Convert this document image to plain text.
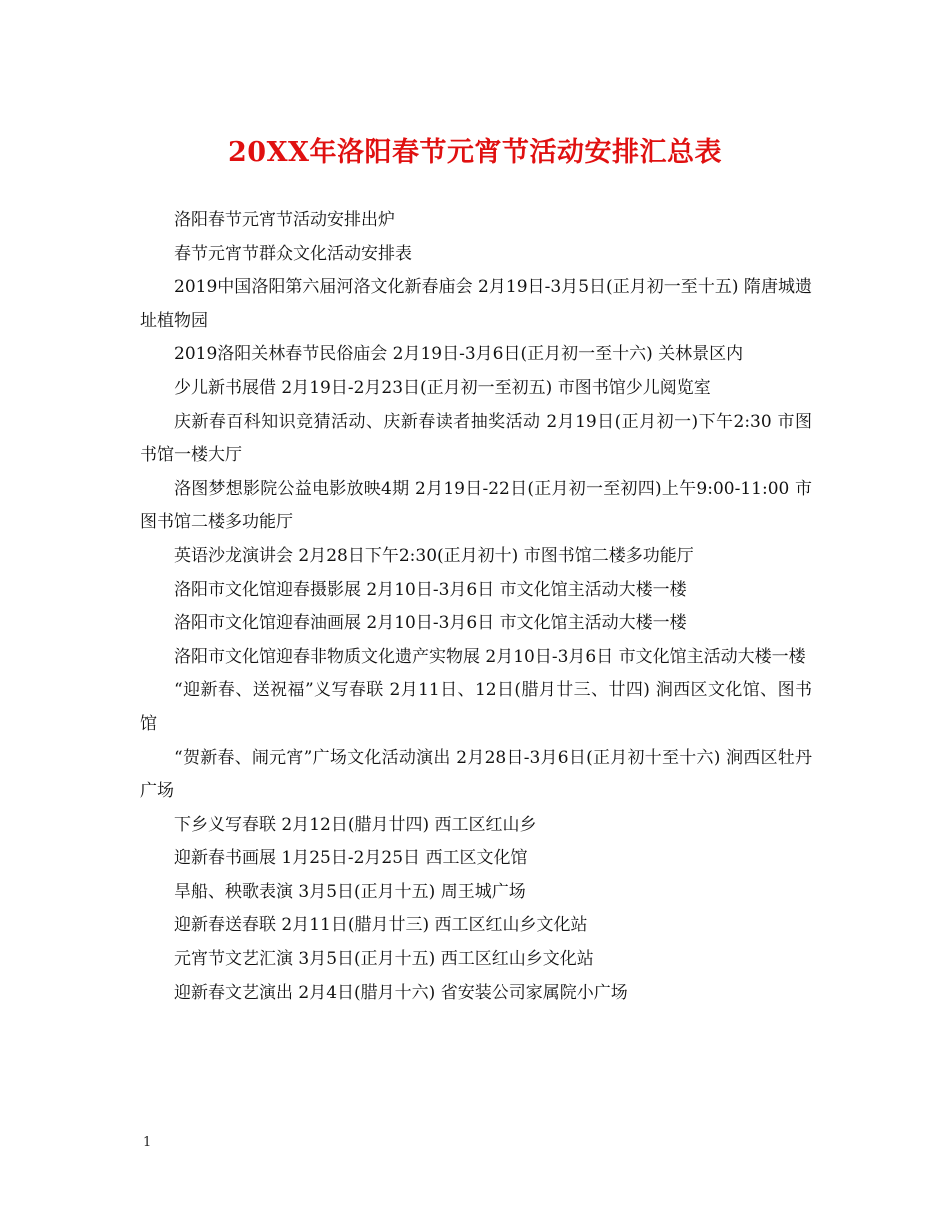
20XX年洛阳春节元宵节活动安排汇总表

洛阳春节元宵节活动安排出炉

春节元宵节群众文化活动安排表

2019中国洛阳第六届河洛文化新春庙会 2月19日-3月5日(正月初一至十五) 隋唐城遗址植物园

2019洛阳关林春节民俗庙会 2月19日-3月6日(正月初一至十六) 关林景区内

少儿新书展借 2月19日-2月23日(正月初一至初五) 市图书馆少儿阅览室

庆新春百科知识竞猜活动、庆新春读者抽奖活动 2月19日(正月初一)下午2:30 市图书馆一楼大厅

洛图梦想影院公益电影放映4期 2月19日-22日(正月初一至初四)上午9:00-11:00 市图书馆二楼多功能厅

英语沙龙演讲会 2月28日下午2:30(正月初十) 市图书馆二楼多功能厅

洛阳市文化馆迎春摄影展 2月10日-3月6日 市文化馆主活动大楼一楼

洛阳市文化馆迎春油画展 2月10日-3月6日 市文化馆主活动大楼一楼

洛阳市文化馆迎春非物质文化遗产实物展 2月10日-3月6日 市文化馆主活动大楼一楼

“迎新春、送祝福”义写春联 2月11日、12日(腊月廿三、廿四) 涧西区文化馆、图书馆

“贺新春、闹元宵”广场文化活动演出 2月28日-3月6日(正月初十至十六) 涧西区牡丹广场

下乡义写春联 2月12日(腊月廿四) 西工区红山乡

迎新春书画展 1月25日-2月25日 西工区文化馆

旱船、秧歌表演 3月5日(正月十五) 周王城广场

迎新春送春联 2月11日(腊月廿三) 西工区红山乡文化站

元宵节文艺汇演 3月5日(正月十五) 西工区红山乡文化站

迎新春文艺演出 2月4日(腊月十六) 省安装公司家属院小广场

1
